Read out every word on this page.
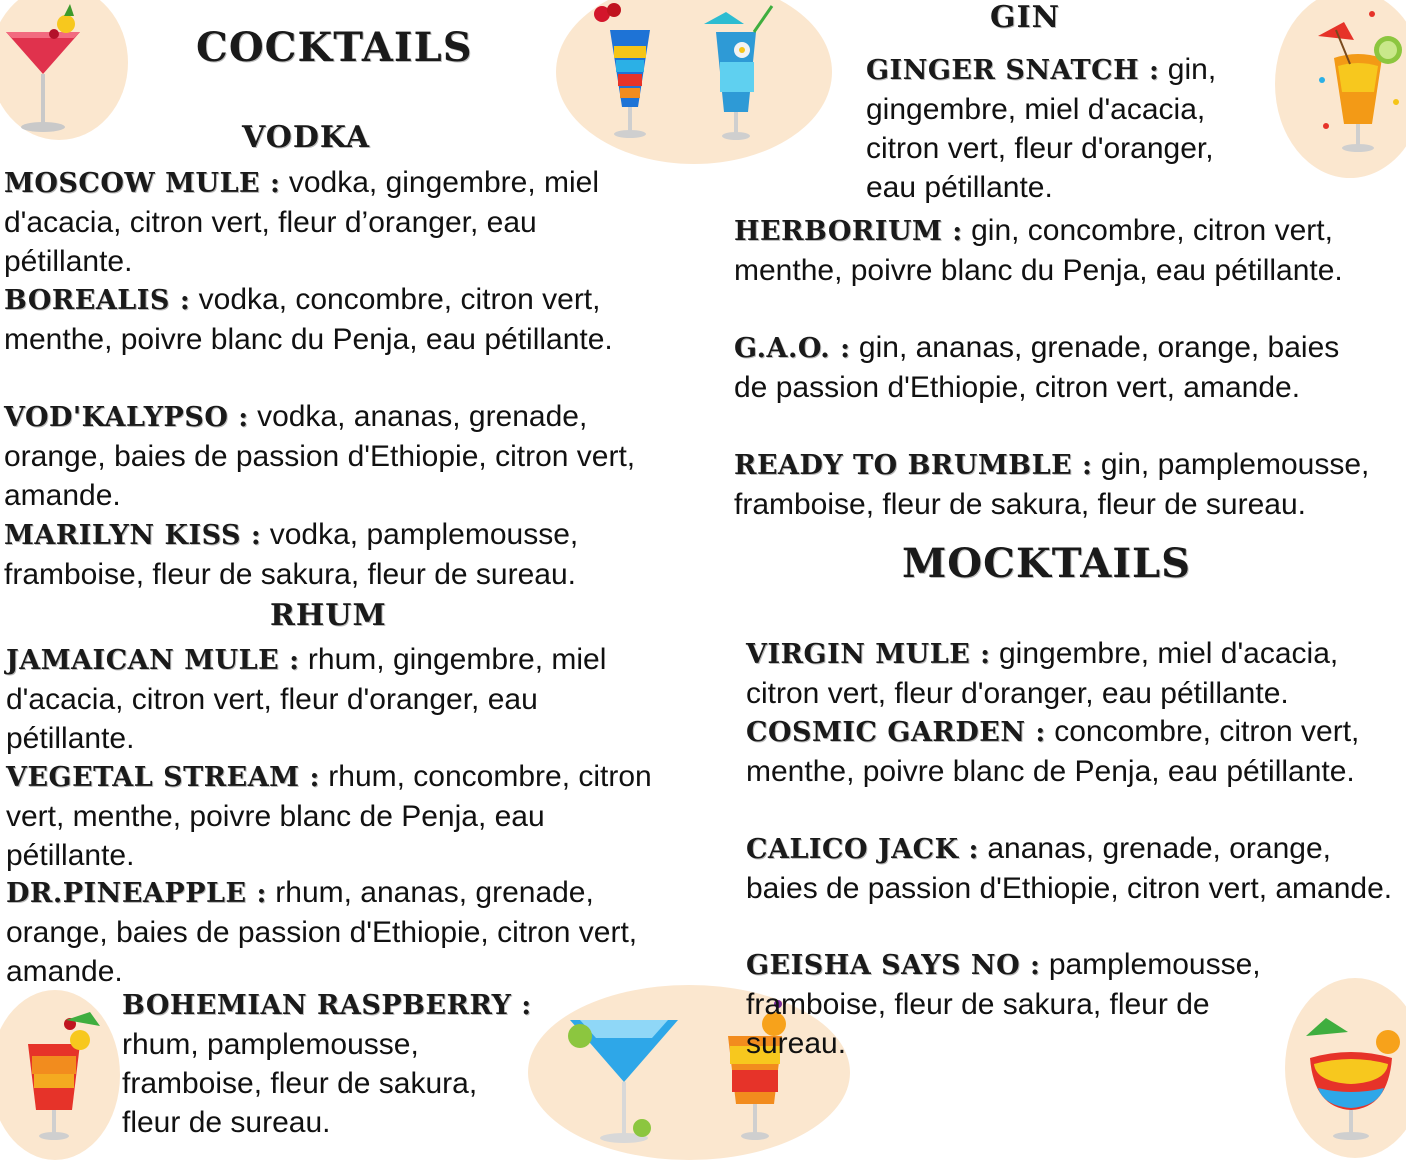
COCKTAILS
VODKA
RHUM
GIN
MOCKTAILS
MOSCOW MULE : vodka, gingembre, miel d'acacia, citron vert, fleur d’oranger, eau pétillante.
BOREALIS : vodka, concombre, citron vert, menthe, poivre blanc du Penja, eau pétillante.
VOD'KALYPSO : vodka, ananas, grenade, orange, baies de passion d'Ethiopie, citron vert, amande.
MARILYN KISS : vodka, pamplemousse, framboise, fleur de sakura, fleur de sureau.
JAMAICAN MULE : rhum, gingembre, miel d'acacia, citron vert, fleur d'oranger, eau pétillante.
VEGETAL STREAM : rhum, concombre, citron vert, menthe, poivre blanc de Penja, eau pétillante.
DR.PINEAPPLE : rhum, ananas, grenade, orange, baies de passion d'Ethiopie, citron vert, amande.
BOHEMIAN RASPBERRY : rhum, pamplemousse, framboise, fleur de sakura, fleur de sureau.
GINGER SNATCH : gin, gingembre, miel d'acacia, citron vert, fleur d'oranger, eau pétillante.
HERBORIUM : gin, concombre, citron vert, menthe, poivre blanc du Penja, eau pétillante.
G.A.O. : gin, ananas, grenade, orange, baies de passion d'Ethiopie, citron vert, amande.
READY TO BRUMBLE : gin, pamplemousse, framboise, fleur de sakura, fleur de sureau.
VIRGIN MULE : gingembre, miel d'acacia, citron vert, fleur d'oranger, eau pétillante.
COSMIC GARDEN : concombre, citron vert, menthe, poivre blanc de Penja, eau pétillante.
CALICO JACK : ananas, grenade, orange, baies de passion d'Ethiopie, citron vert, amande.
GEISHA SAYS NO : pamplemousse, framboise, fleur de sakura, fleur de sureau.
